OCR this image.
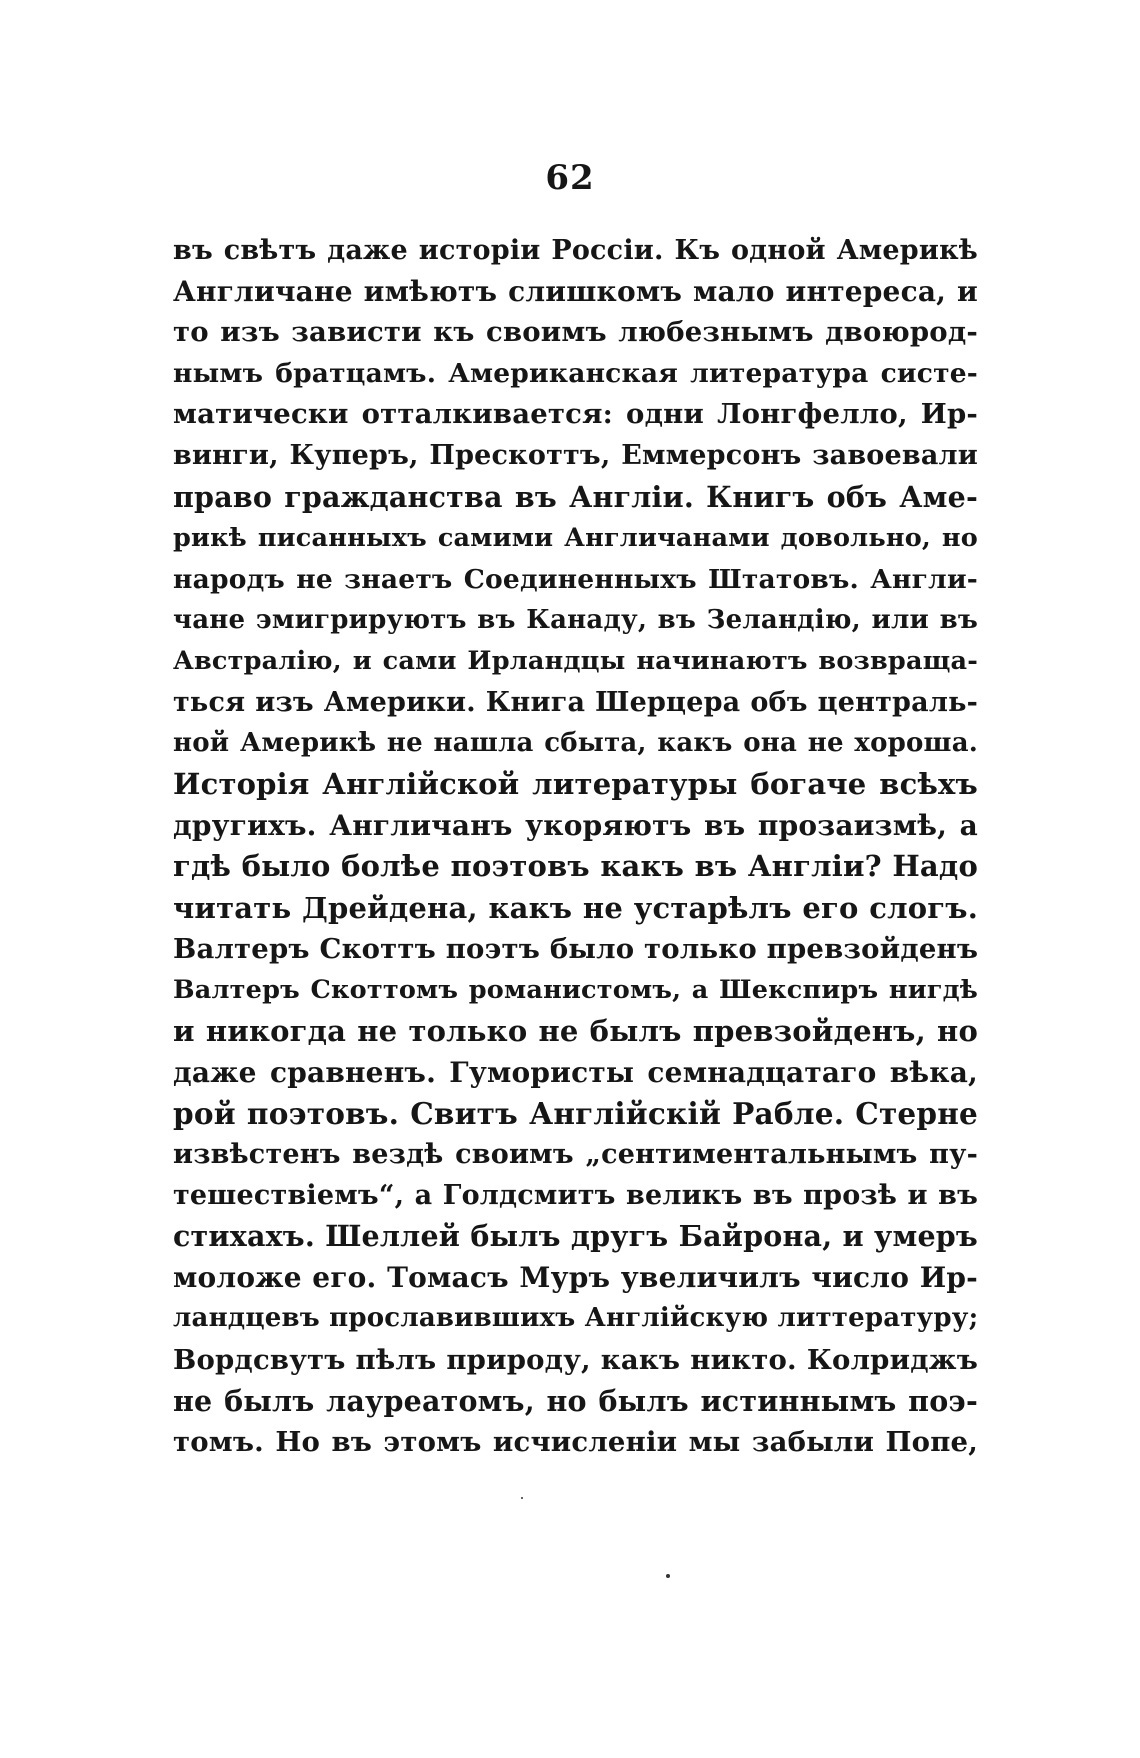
62
въ свѣтъ даже исторіи Россіи. Къ одной Америкѣ
Англичане имѣютъ слишкомъ мало интереса, и
то изъ зависти къ своимъ любезнымъ двоюрод-
нымъ братцамъ. Американская литература систе-
матически отталкивается: одни Лонгфелло, Ир-
винги, Куперъ, Прескоттъ, Еммерсонъ завоевали
право гражданства въ Англіи. Книгъ объ Аме-
рикѣ писанныхъ самими Англичанами довольно, но
народъ не знаетъ Соединенныхъ Штатовъ. Англи-
чане эмигрируютъ въ Канаду, въ Зеландію, или въ
Австралію, и сами Ирландцы начинаютъ возвраща-
ться изъ Америки. Книга Шерцера объ централь-
ной Америкѣ не нашла сбыта, какъ она не хороша.
Исторія Англійской литературы богаче всѣхъ
другихъ. Англичанъ укоряютъ въ прозаизмѣ, а
гдѣ было болѣе поэтовъ какъ въ Англіи? Надо
читать Дрейдена, какъ не устарѣлъ его слогъ.
Валтеръ Скоттъ поэтъ было только превзойденъ
Валтеръ Скоттомъ романистомъ, а Шекспиръ нигдѣ
и никогда не только не былъ превзойденъ, но
даже сравненъ. Гумористы семнадцатаго вѣка,
рой поэтовъ. Свитъ Англійскій Рабле. Стерне
извѣстенъ вездѣ своимъ „сентиментальнымъ пу-
тешествіемъ“, а Голдсмитъ великъ въ прозѣ и въ
стихахъ. Шеллей былъ другъ Байрона, и умеръ
моложе его. Томасъ Муръ увеличилъ число Ир-
ландцевъ прославившихъ Англійскую литтературу;
Вордсвутъ пѣлъ природу, какъ никто. Колриджъ
не былъ лауреатомъ, но былъ истиннымъ поэ-
томъ. Но въ этомъ исчисленіи мы забыли Попе,
